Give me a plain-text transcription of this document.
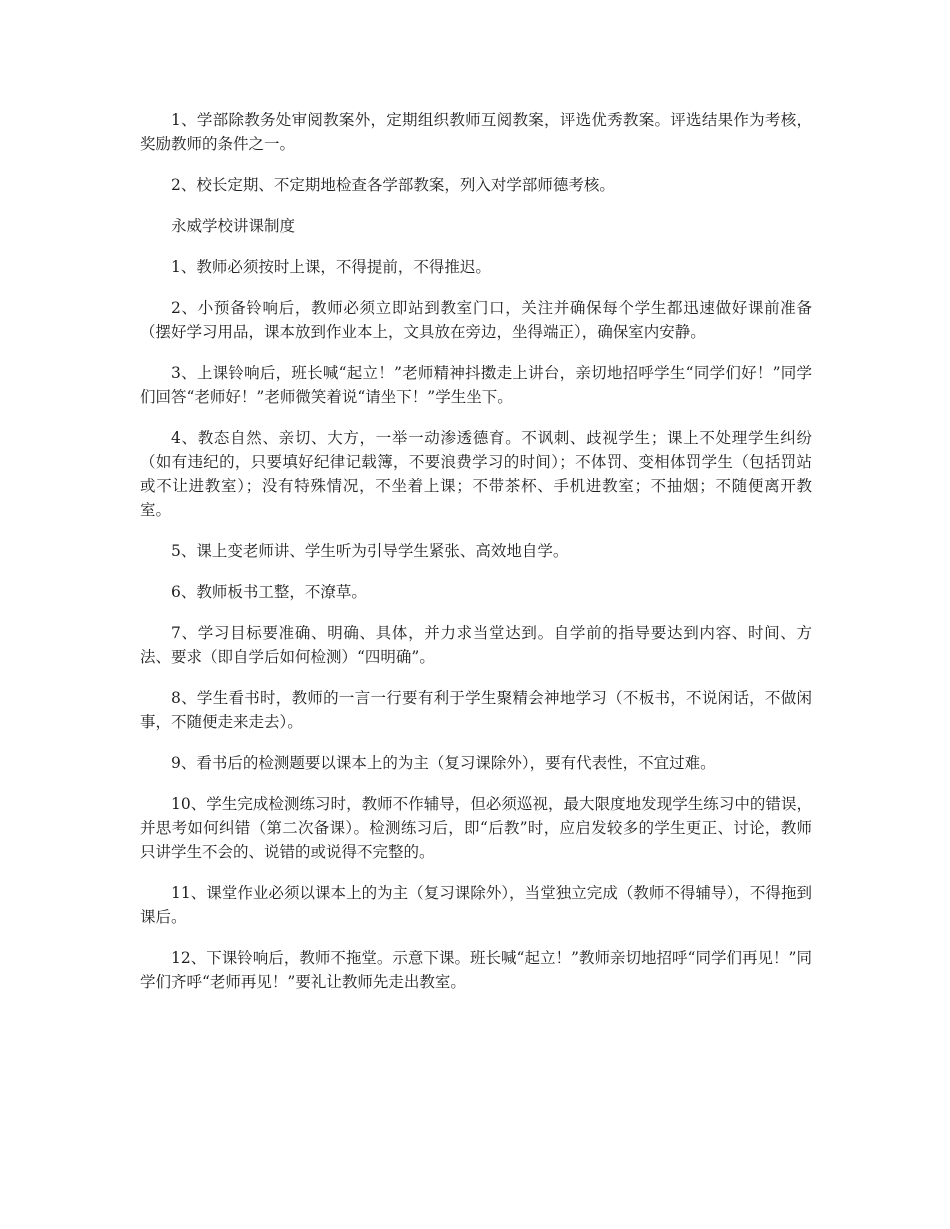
1、学部除教务处审阅教案外，定期组织教师互阅教案，评选优秀教案。评选结果作为考核，奖励教师的条件之一。

2、校长定期、不定期地检查各学部教案，列入对学部师德考核。

永威学校讲课制度

1、教师必须按时上课，不得提前，不得推迟。

2、小预备铃响后，教师必须立即站到教室门口，关注并确保每个学生都迅速做好课前准备（摆好学习用品，课本放到作业本上，文具放在旁边，坐得端正），确保室内安静。

3、上课铃响后，班长喊“起立！”老师精神抖擞走上讲台，亲切地招呼学生“同学们好！”同学们回答“老师好！”老师微笑着说“请坐下！”学生坐下。

4、教态自然、亲切、大方，一举一动渗透德育。不讽刺、歧视学生；课上不处理学生纠纷（如有违纪的，只要填好纪律记载簿，不要浪费学习的时间）；不体罚、变相体罚学生（包括罚站或不让进教室）；没有特殊情况，不坐着上课；不带茶杯、手机进教室；不抽烟；不随便离开教室。

5、课上变老师讲、学生听为引导学生紧张、高效地自学。

6、教师板书工整，不潦草。

7、学习目标要准确、明确、具体，并力求当堂达到。自学前的指导要达到内容、时间、方法、要求（即自学后如何检测）“四明确”。

8、学生看书时，教师的一言一行要有利于学生聚精会神地学习（不板书，不说闲话，不做闲事，不随便走来走去）。

9、看书后的检测题要以课本上的为主（复习课除外），要有代表性，不宜过难。

10、学生完成检测练习时，教师不作辅导，但必须巡视，最大限度地发现学生练习中的错误，并思考如何纠错（第二次备课）。检测练习后，即“后教”时，应启发较多的学生更正、讨论，教师只讲学生不会的、说错的或说得不完整的。

11、课堂作业必须以课本上的为主（复习课除外），当堂独立完成（教师不得辅导），不得拖到课后。

12、下课铃响后，教师不拖堂。示意下课。班长喊“起立！”教师亲切地招呼“同学们再见！”同学们齐呼“老师再见！”要礼让教师先走出教室。
